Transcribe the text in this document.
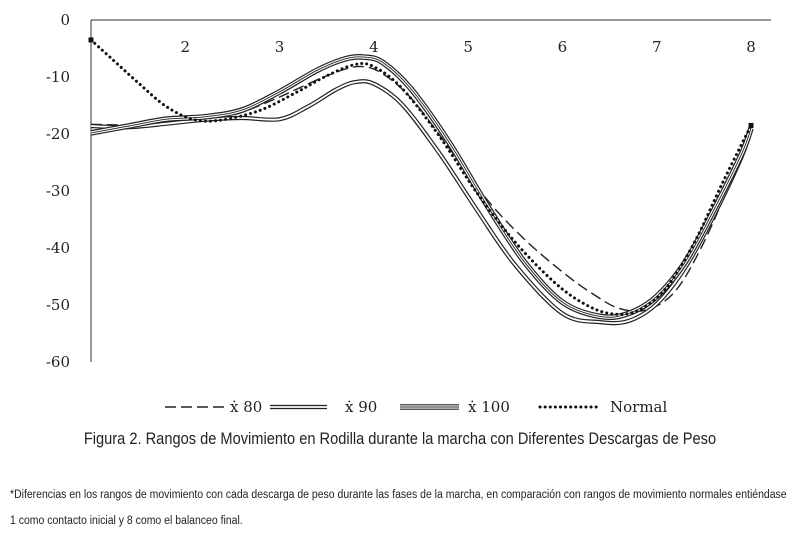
0
-10
-20
-30
-40
-50
-60
2	3	4	5	6	7	8
ẋ 80	ẋ 90	ẋ 100	Normal
Figura 2. Rangos de Movimiento en Rodilla durante la marcha con Diferentes Descargas de Peso
*Diferencias en los rangos de movimiento con cada descarga de peso durante las fases de la marcha, en comparación con rangos de movimiento normales entiéndase 1 como contacto inicial y 8 como el balanceo final.
